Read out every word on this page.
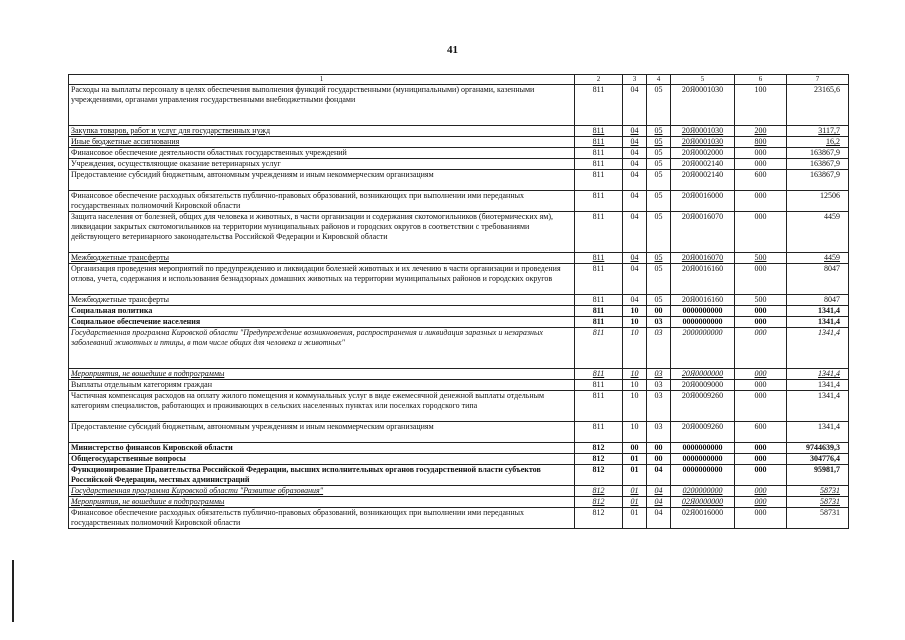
41
1	2	3	4	5	6	7
Расходы на выплаты персоналу в целях обеспечения выполнения функций государственными (муниципальными) органами, казенными учреждениями, органами управления государственными внебюджетными фондами	811	04	05	20Я0001030	100	23165,6
Закупка товаров, работ и услуг для государственных нужд	811	04	05	20Я0001030	200	3117,7
Иные бюджетные ассигнования	811	04	05	20Я0001030	800	16,2
Финансовое обеспечение деятельности областных государственных учреждений	811	04	05	20Я0002000	000	163867,9
Учреждения, осуществляющие оказание ветеринарных услуг	811	04	05	20Я0002140	000	163867,9
Предоставление субсидий бюджетным, автономным учреждениям и иным некоммерческим организациям	811	04	05	20Я0002140	600	163867,9
Финансовое обеспечение расходных обязательств публично-правовых образований, возникающих при выполнении ими переданных государственных полномочий Кировской области	811	04	05	20Я0016000	000	12506
Защита населения от болезней, общих для человека и животных, в части организации и содержания скотомогильников (биотермических ям), ликвидации закрытых скотомогильников на территории муниципальных районов и городских округов в соответствии с требованиями действующего ветеринарного законодательства Российской Федерации и Кировской области	811	04	05	20Я0016070	000	4459
Межбюджетные трансферты	811	04	05	20Я0016070	500	4459
Организация проведения мероприятий по предупреждению и ликвидации болезней животных и их лечению в части организации и проведения отлова, учета, содержания и использования безнадзорных домашних животных на территории муниципальных районов и городских округов	811	04	05	20Я0016160	000	8047
Межбюджетные трансферты	811	04	05	20Я0016160	500	8047
Социальная политика	811	10	00	0000000000	000	1341,4
Социальное обеспечение населения	811	10	03	0000000000	000	1341,4
Государственная программа Кировской области "Предупреждение возникновения, распространения и ликвидация заразных и незаразных заболеваний животных и птицы, в том числе общих для человека и животных"	811	10	03	2000000000	000	1341,4
Мероприятия, не вошедшие в подпрограммы	811	10	03	20Я0000000	000	1341,4
Выплаты отдельным категориям граждан	811	10	03	20Я0009000	000	1341,4
Частичная компенсация расходов на оплату жилого помещения и коммунальных услуг в виде ежемесячной денежной выплаты отдельным категориям специалистов, работающих и проживающих в сельских населенных пунктах или поселках городского типа	811	10	03	20Я0009260	000	1341,4
Предоставление субсидий бюджетным, автономным учреждениям и иным некоммерческим организациям	811	10	03	20Я0009260	600	1341,4
Министерство финансов Кировской области	812	00	00	0000000000	000	9744639,3
Общегосударственные вопросы	812	01	00	0000000000	000	304776,4
Функционирование Правительства Российской Федерации, высших исполнительных органов государственной власти субъектов Российской Федерации, местных администраций	812	01	04	0000000000	000	95981,7
Государственная программа Кировской области "Развитие образования"	812	01	04	0200000000	000	58731
Мероприятия, не вошедшие в подпрограммы	812	01	04	02Я0000000	000	58731
Финансовое обеспечение расходных обязательств публично-правовых образований, возникающих при выполнении ими переданных государственных полномочий Кировской области	812	01	04	02Я0016000	000	58731
